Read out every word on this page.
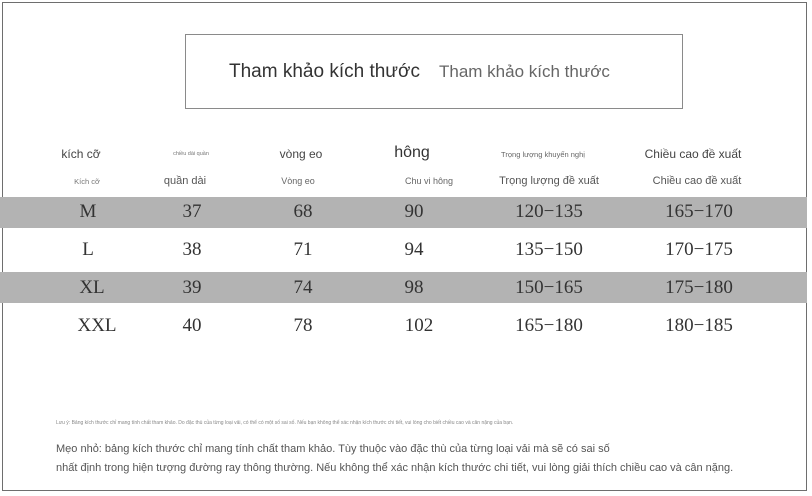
Tham khảo kích thước Tham khảo kích thước
kích cỡ	chiều dài quần	vòng eo	hông	Trọng lượng khuyến nghị	Chiều cao đề xuất
Kích cỡ	quần dài	Vòng eo	Chu vi hông	Trọng lượng đề xuất	Chiều cao đề xuất
M	37	68	90	120−135	165−170
L	38	71	94	135−150	170−175
XL	39	74	98	150−165	175−180
XXL	40	78	102	165−180	180−185
Lưu ý: Bảng kích thước chỉ mang tính chất tham khảo. Do đặc thù của từng loại vải, có thể có một số sai số. Nếu bạn không thể xác nhận kích thước chi tiết, vui lòng cho biết chiều cao và cân nặng của bạn.
Mẹo nhỏ: bảng kích thước chỉ mang tính chất tham khảo. Tùy thuộc vào đặc thù của từng loại vải mà sẽ có sai số
nhất định trong hiện tượng đường ray thông thường. Nếu không thể xác nhận kích thước chi tiết, vui lòng giải thích chiều cao và cân nặng.
